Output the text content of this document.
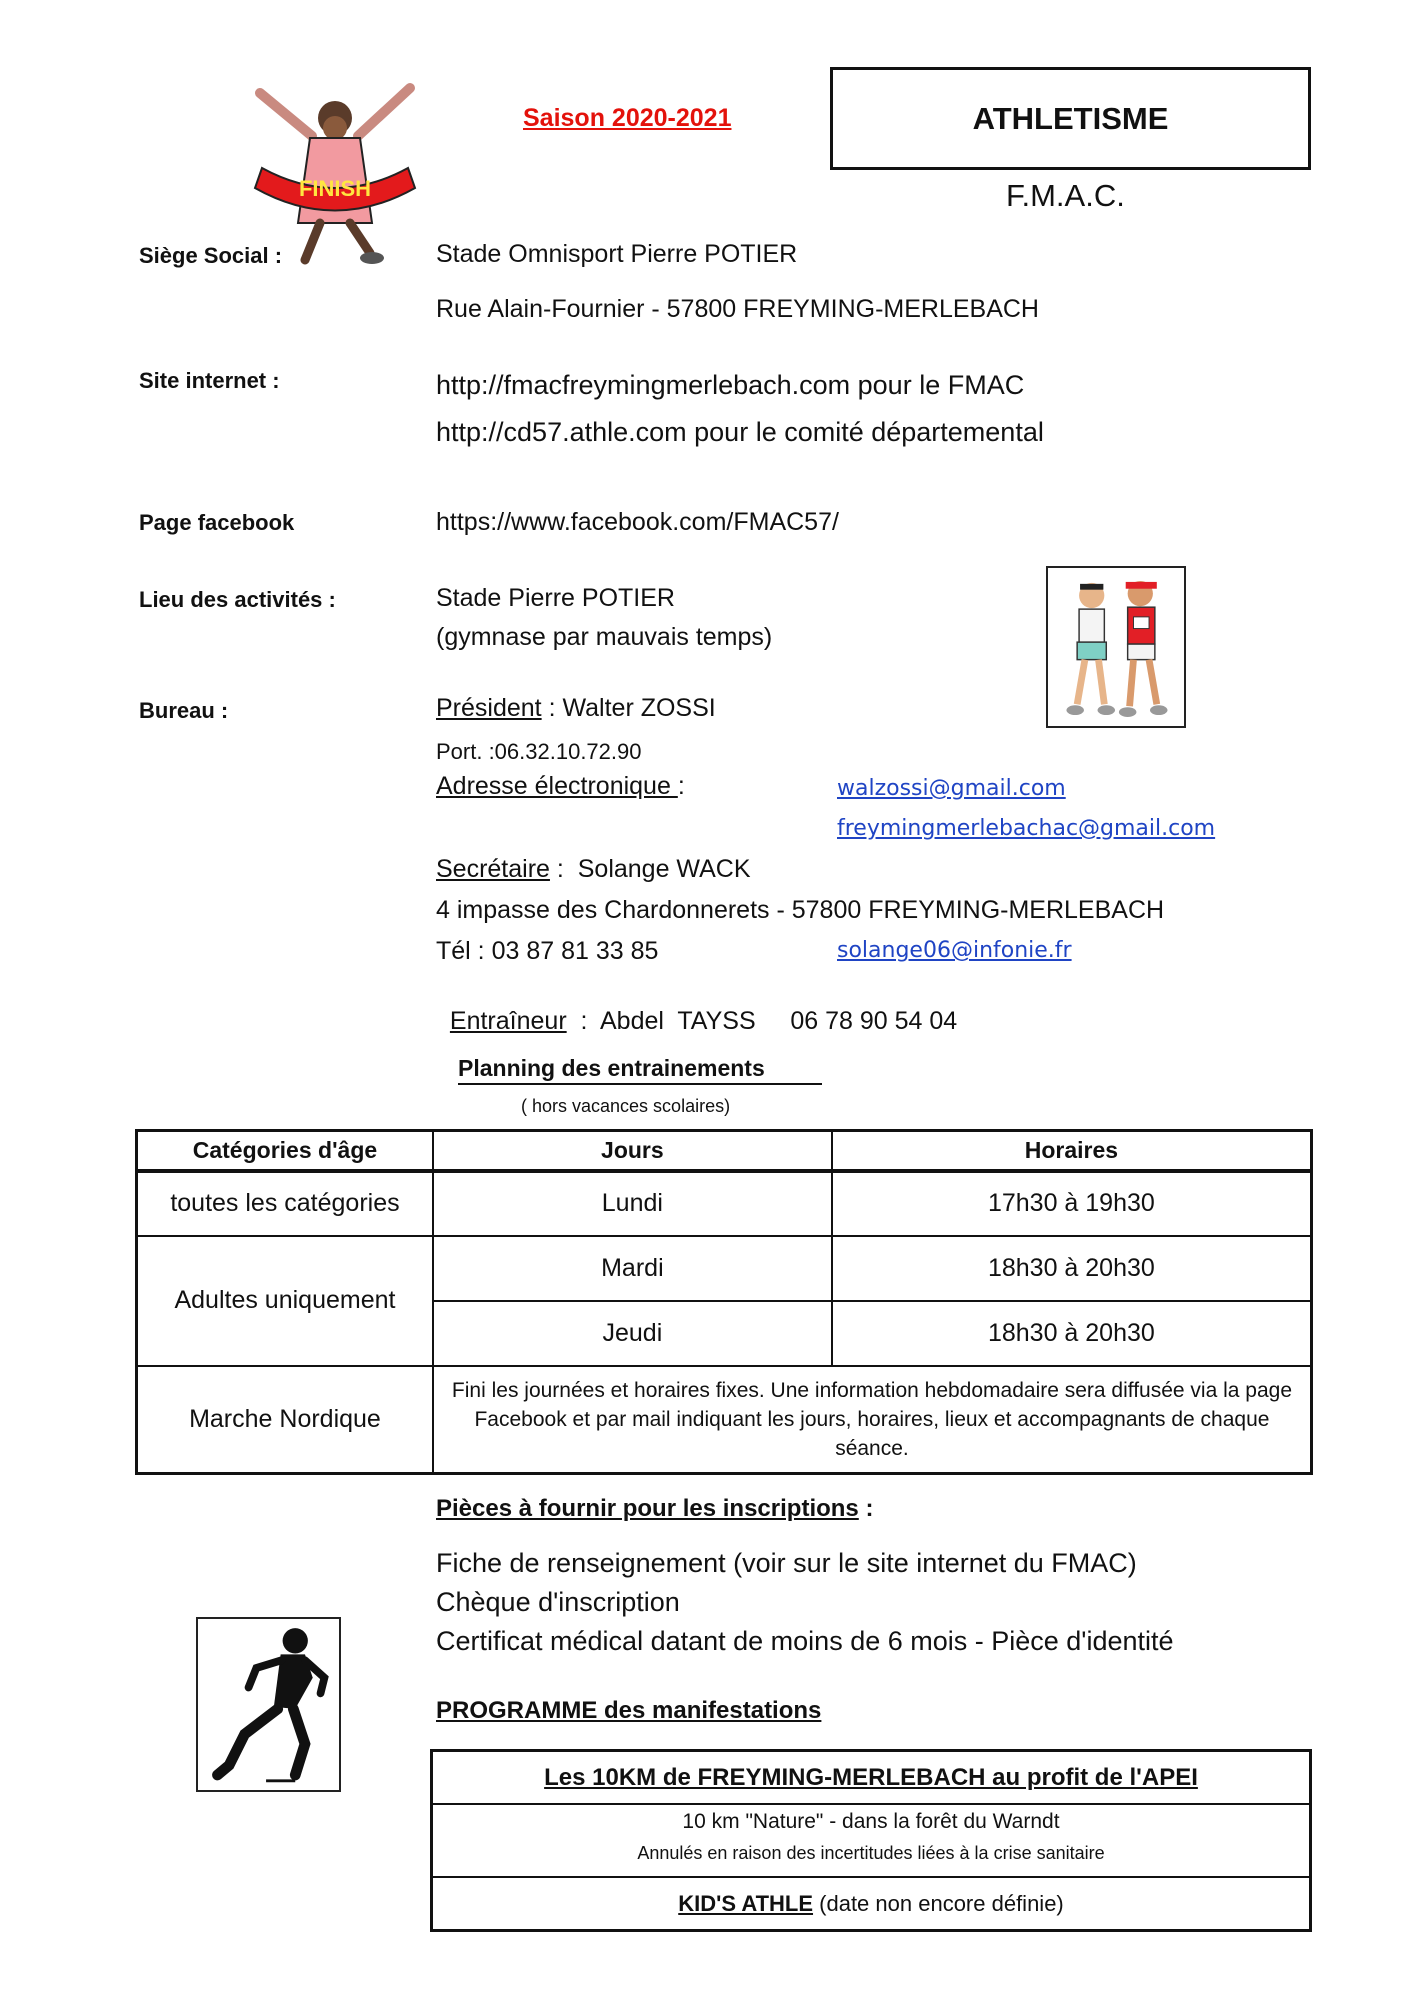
FINISH
Saison 2020-2021	ATHLETISME
F.M.A.C.
Siège Social :	Stade Omnisport Pierre POTIER
Rue Alain-Fournier - 57800 FREYMING-MERLEBACH
Site internet :	http://fmacfreymingmerlebach.com pour le FMAC
http://cd57.athle.com pour le comité départemental
Page facebook	https://www.facebook.com/FMAC57/
Lieu des activités :	Stade Pierre POTIER
(gymnase par mauvais temps)
Bureau :	Président : Walter ZOSSI
Port. :06.32.10.72.90
Adresse électronique :	walzossi@gmail.com
freymingmerlebachac@gmail.com
Secrétaire :  Solange WACK
4 impasse des Chardonnerets - 57800 FREYMING-MERLEBACH
Tél : 03 87 81 33 85	solange06@infonie.fr

Entraîneur  :  Abdel  TAYSS     06 78 90 54 04

Planning des entrainements
( hors vacances scolaires)
Catégories d'âge	Jours	Horaires
toutes les catégories	Lundi	17h30 à 19h30
Adultes uniquement	Mardi	18h30 à 20h30
	Jeudi	18h30 à 20h30
Marche Nordique	Fini les journées et horaires fixes. Une information hebdomadaire sera diffusée via la page Facebook et par mail indiquant les jours, horaires, lieux et accompagnants de chaque séance.	
Pièces à fournir pour les inscriptions :
Fiche de renseignement (voir sur le site internet du FMAC)
Chèque d'inscription
Certificat médical datant de moins de 6 mois - Pièce d'identité
PROGRAMME des manifestations
Les 10KM de FREYMING-MERLEBACH au profit de l'APEI
10 km "Nature" - dans la forêt du Warndt
Annulés en raison des incertitudes liées à la crise sanitaire
KID'S ATHLE (date non encore définie)
